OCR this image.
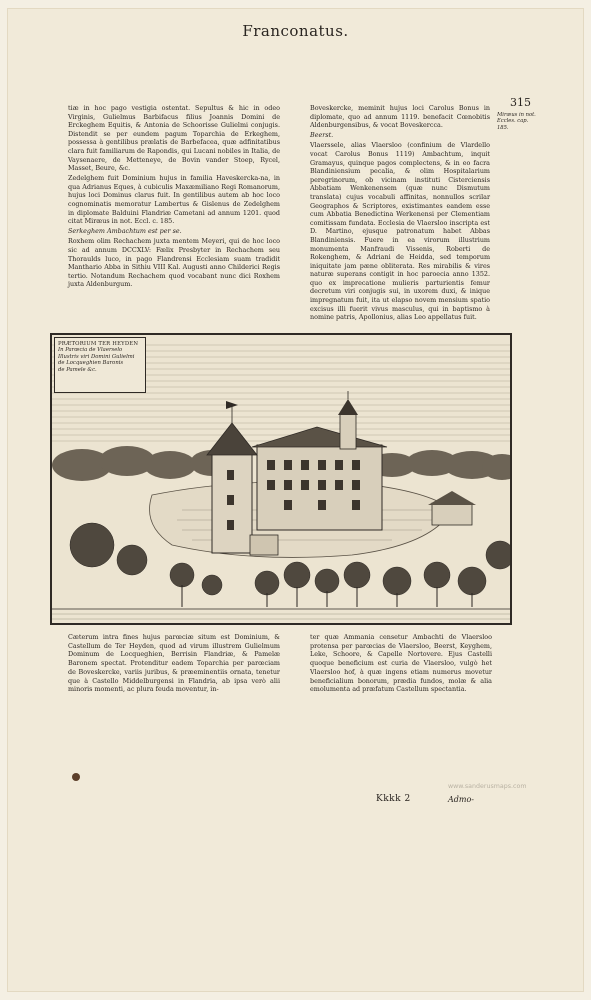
Franconatus.
315

tiæ in hoc pago vestigia ostentat. Sepultus & hic in odeo Virginis, Gulielmus Barbifacus filius Joannis Domini de Erckeghem Equitis, & Antonia de Schoorisse Gulielmi conjugis. Distendit se per eundem pagum Toparchia de Erkeghem, possessa à gentilibus prælatis de Barbefacea, quæ adfinitatibus clara fuit familiarum de Rapondis, qui Lucani nobiles in Italia, de Vaysenaere, de Metteneye, de Bovin vander Stoep, Rycel, Masset, Beure, &c.

Zedelghem fuit Dominium hujus in familia Haveskercka-na, in qua Adrianus Eques, à cubiculis Maxæmiliano Regi Romanorum, hujus loci Dominus clarus fuit. In gentilibus autem ab hoc loco cognominatis memoratur Lambertus & Gislenus de Zedelghem in diplomate Balduini Flandriæ Cametani ad annum 1201. quod citat Miræus in not. Eccl. c. 185.

Serkeghem Ambachtum est per se.

Roxhem olim Rechachem juxta mentem Meyeri, qui de hoc loco sic ad annum DCCXLV: Fælix Presbyter in Rechachem seu Thoraulds luco, in pago Flandrensi Ecclesiam suam tradidit Manthario Abba in Sithiu VIII Kal. Augusti anno Childerici Regis tertio. Notandum Rechachem quod vocabant nunc dici Roxhem juxta Aldenburgum.

Boveskercke, meminit hujus loci Carolus Bonus in diplomate, quo ad annum 1119. benefacit Cœnobitis Aldenburgensibus, & vocat Boveskercca.

Beerst.

Vlaerssele, alias Vlaersloo (confinium de Vlardello vocat Carolus Bonus 1119) Ambachtum, inquit Gramayus, quinque pagos complectens, & in eo facra Blandiniensium pecalia, & olim Hospitalarium peregrinorum, ob vicinam instituti Cisterciensis Abbatiam Wenkenensem (quæ nunc Dismutum translata) cujus vocabuli affinitas, nonnullos scrilar Geographos & Scriptores, existimantes eandem esse cum Abbatia Benedictina Werkenensi per Clementiam comitissam fundata. Ecclesia de Vlaersloo inscripta est D. Martino, ejusque patronatum habet Abbas Blandiniensis. Fuere in ea virorum illustrium monumenta Manfraudi Vissenis, Roberti de Rokenghem, & Adriani de Heidda, sed temporum iniquitate jam pæne obliterata. Res mirabilis & vires naturæ superans contigit in hoc paroecia anno 1352. quo ex imprecatione mulieris parturientis femur decretum viri conjugis sui, in uxorem duxi, & inique impregnatum fuit, ita ut elapso novem mensium spatio excisus illi fuerit vivus masculus, qui in baptismo à nomine patris, Apollonius, alias Leo appellatus fuit.

Miræus in not. Eccles. cap. 185.
PRÆTORIUM TER HEYDEN
In Parœcia de Vlaerselo
Illustris viri Domini Gulielmi
de Locqueghien Baronis
de Pamele &c.

Cæterum intra fines hujus parœciæ situm est Dominium, & Castellum de Ter Heyden, quod ad virum illustrem Gulielmum Dominum de Locqueghien, Berrisin Flandriæ, & Pamelæ Baronem spectat. Protenditur eadem Toparchia per parœciam de Boveskercke, variis juribus, & præeminentiis ornata, tenetur que à Castello Middelburgensi in Flandria, ab ipsa verò alii minoris momenti, ac plura feuda moventur, in-

ter quæ Ammania censetur Ambachti de Vlaersloo protensa per parœcias de Vlaersloo, Beerst, Keyghem, Leke, Schoore, & Capelle Nortovere. Ejus Castelli quoque beneficium est curia de Vlaersloo, vulgò het Vlaersloo hof, à quæ ingens etiam numerus movetur beneficialium bonorum, prædia fundos, molæ & alia emolumenta ad præfatum Castellum spectantia.

www.sanderusmaps.com
Kkkk 2	Admo-
